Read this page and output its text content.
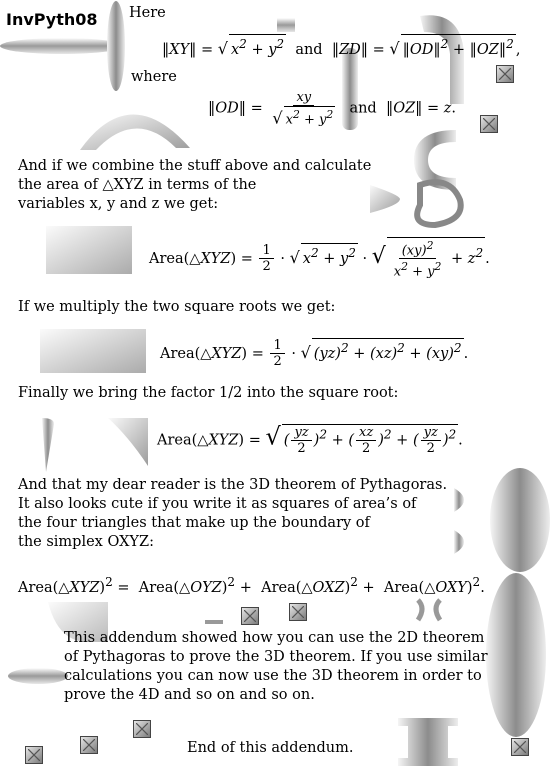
InvPyth08 Here
‖XY‖ = √ $x^2 + y^2$ and ‖ZD‖ = √ ‖OD‖$^2$ + ‖OZ‖$^2$ ,
where
‖OD‖ = $\frac{xy}{√ x^2 + y^2}$ and ‖OZ‖ = z.
And if we combine the stuff above and calculate
the area of △XYZ in terms of the
variables x, y and z we get:
Area(△XYZ) = $\frac{1}{2}$ · √ $x^2 + y^2$ · √ $\frac{(xy)^2}{x^2 + y^2} + z^2$ .
If we multiply the two square roots we get:
Area(△XYZ) = $\frac{1}{2}$ · √ (yz)$^2$ + (xz)$^2$ + (xy)$^2$ .
Finally we bring the factor 1/2 into the square root:
Area(△XYZ) = √( $\frac{yz}{2} )^2$ + ( $\frac{xz}{2} )^2$ + ( $\frac{yz}{2} )^2$ .
And that my dear reader is the 3D theorem of Pythagoras.
It also looks cute if you write it as squares of area’s of
the four triangles that make up the boundary of
the simplex OXYZ:
Area(△XYZ)$^2$ =  Area(△OYZ)$^2$ +  Area(△OXZ)$^2$ +  Area(△OXY)$^2$.
This addendum showed how you can use the 2D theorem
of Pythagoras to prove the 3D theorem. If you use similar
calculations you can now use the 3D theorem in order to
prove the 4D and so on and so on.
End of this addendum.
